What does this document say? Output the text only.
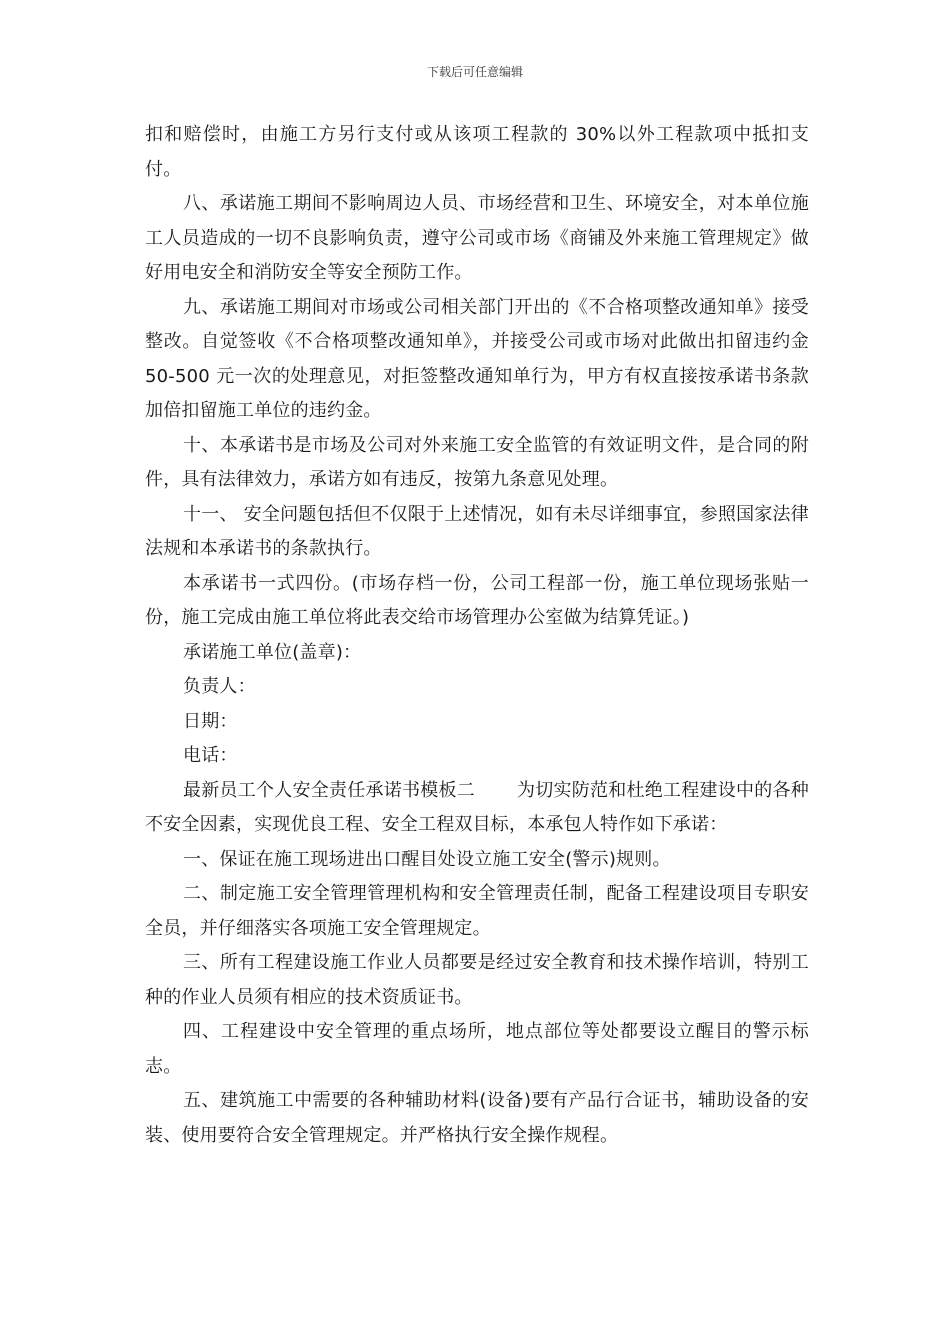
下载后可任意编辑

扣和赔偿时，由施工方另行支付或从该项工程款的 30%以外工程款项中抵扣支付。

八、承诺施工期间不影响周边人员、市场经营和卫生、环境安全，对本单位施工人员造成的一切不良影响负责，遵守公司或市场《商铺及外来施工管理规定》做好用电安全和消防安全等安全预防工作。

九、承诺施工期间对市场或公司相关部门开出的《不合格项整改通知单》接受整改。自觉签收《不合格项整改通知单》，并接受公司或市场对此做出扣留违约金 50-500 元一次的处理意见，对拒签整改通知单行为，甲方有权直接按承诺书条款加倍扣留施工单位的违约金。

十、本承诺书是市场及公司对外来施工安全监管的有效证明文件，是合同的附件，具有法律效力，承诺方如有违反，按第九条意见处理。

十一、 安全问题包括但不仅限于上述情况，如有未尽详细事宜，参照国家法律法规和本承诺书的条款执行。

本承诺书一式四份。(市场存档一份，公司工程部一份，施工单位现场张贴一份，施工完成由施工单位将此表交给市场管理办公室做为结算凭证。)

承诺施工单位(盖章)：

负责人：

日期：

电话：

最新员工个人安全责任承诺书模板二 为切实防范和杜绝工程建设中的各种不安全因素，实现优良工程、安全工程双目标，本承包人特作如下承诺：

一、保证在施工现场进出口醒目处设立施工安全(警示)规则。

二、制定施工安全管理管理机构和安全管理责任制，配备工程建设项目专职安全员，并仔细落实各项施工安全管理规定。

三、所有工程建设施工作业人员都要是经过安全教育和技术操作培训，特别工种的作业人员须有相应的技术资质证书。

四、工程建设中安全管理的重点场所，地点部位等处都要设立醒目的警示标志。

五、建筑施工中需要的各种辅助材料(设备)要有产品行合证书，辅助设备的安装、使用要符合安全管理规定。并严格执行安全操作规程。
